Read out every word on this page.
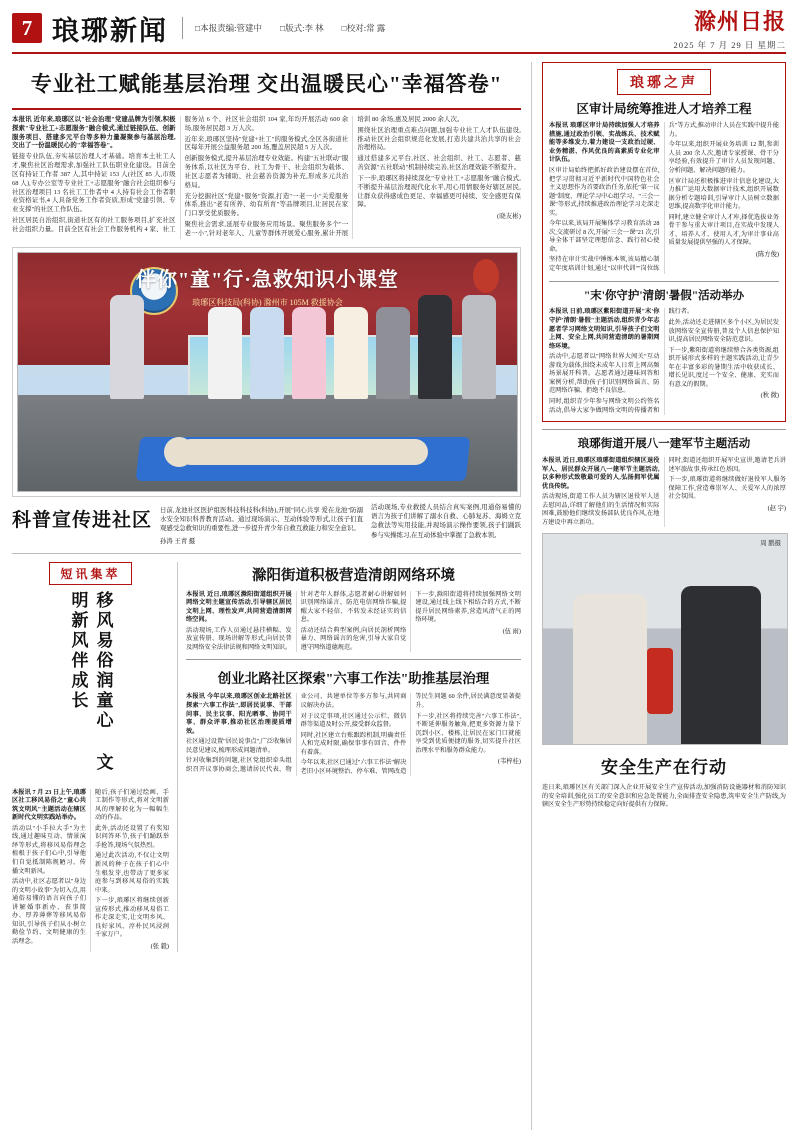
7 琅琊新闻	□本报责编:管建中 □版式:李 林 □校对:常 露	滁州日报
2025 年 7 月 29 日 星期二
专业社工赋能基层治理 交出温暖民心"幸福答卷"

本报讯 近年来,琅琊区以"社会治理"党建品牌为引领,积极探索"专业社工+志愿服务"融合模式,通过链接队伍、创新服务项目、搭建多元平台等多种力量凝聚参与基层治理,交出了一份温暖民心的"幸福答卷"。

链接专业队伍,夯实基层治理人才基础。培育本土社工人才,聚焦社区治理需求,加强社工队伍职业化建设。目前全区有持证工作者 387 人,其中持证 153 人(社区 85 人,市级 68 人),专办公室等专业社工+志愿服务"融合社会组织参与社区治理项目 13 名社工工作者中 4 人持有社会工作者职业资格证书,4 人具备党务工作者资质,形成"党建引领、专业支撑"的社区工作队伍。

社区居民自治组织,街道社区有的社工服务项目,扩充社区社会组织力量。目前全区有社会工作服务机构 4 家、社工服务站 6 个、社区社会组织 104 家,年均开展活动 600 余场,服务居民超 3 万人次。

近年来,琅琊区坚持"党建+社工"的服务模式,全区各街道社区每年开展公益服务超 200 场,覆盖居民超 5 万人次。

创新服务模式,提升基层治理专业效能。构建"五社联动"服务体系,以社区为平台、社工为骨干、社会组织为载体、社区志愿者为辅助、社会慈善资源为补充,形成多元共治格局。

充分挖掘社区"党建+服务"资源,打造"一老一小"关爱服务体系,推出"老有所养、幼有所育"等品牌项目,让居民在家门口享受优质服务。

聚焦社会需求,延展专业服务应用场景。聚焦服务多个"一老一小",针对老年人、儿童等群体开展爱心服务,累计开展培训 80 余场,惠及居民 2000 余人次。

围绕社区治理重点难点问题,加强专业社工人才队伍建设,推动社区社会组织规范化发展,打造共建共治共享的社会治理格局。

通过搭建多元平台,社区、社会组织、社工、志愿者、慈善资源"五社联动"机制持续完善,社区治理效能不断提升。

下一步,琅琊区将持续深化"专业社工+志愿服务"融合模式,不断提升基层治理现代化水平,用心用情服务好辖区居民,让群众获得感成色更足、幸福感更可持续、安全感更有保障。

(晓友彬)
伴你"童"行·急救知识小课堂
琅琊区科技局(科协) 滁州市 105M 救援协会
科普宣传进社区 日前,龙池社区医护组医科技科技科(科协),开展"同心共享 爱在龙池"防溺水安全知识科普教育活动。通过现场演示、互动体验等形式,让孩子们直观感受急救知识的重要性,进一步提升青少年自救互救能力和安全意识。
孙涛 王青 摄
活动现场,专业救援人员结合真实案例,用通俗易懂的语言为孩子们讲解了溺水自救、心肺复苏、海姆立克急救法等实用技能,并现场演示操作要领,孩子们踊跃参与实操练习,在互动体验中掌握了急救本领。
短讯集萃
移风易俗润童心 文明新风伴成长

本报讯 7 月 23 日上午,琅琊区社工移风易俗之"童心共筑文明风"主题活动在辖区新时代文明实践站举办。

活动以"小手拉大手"为主线,通过趣味互动、情景演绎等形式,将移风易俗理念植根于孩子们心中,引导他们自觉抵制陈规陋习、传播文明新风。

活动中,社区志愿者以"身边的文明小故事"为切入点,用通俗易懂的语言向孩子们讲解婚事新办、丧事简办、厚养薄葬等移风易俗知识,引导孩子们从小树立勤俭节约、文明健康的生活理念。

随后,孩子们通过绘画、手工制作等形式,将对文明新风的理解转化为一幅幅生动的作品。

此外,活动还设置了有奖知识问答环节,孩子们踊跃举手抢答,现场气氛热烈。

通过此次活动,不仅让文明新风的种子在孩子们心中生根发芽,也带动了更多家庭参与到移风易俗的实践中来。

下一步,琅琊区将继续创新宣传形式,推动移风易俗工作走深走实,让文明乡风、良好家风、淳朴民风浸润千家万户。

(张 毅)
滁阳街道积极营造清朗网络环境

本报讯 近日,琅琊区滁阳街道组织开展网络文明主题宣传活动,引导辖区居民文明上网、理性发声,共同营造清朗网络空间。

活动现场,工作人员通过悬挂横幅、发放宣传册、现场讲解等形式,向居民普及网络安全法律法规和网络文明知识。

针对老年人群体,志愿者耐心讲解如何识别网络谣言、防范电信网络诈骗,提醒大家不轻信、不转发未经证实的信息。

活动还结合典型案例,向居民剖析网络暴力、网络谣言的危害,引导大家自觉遵守网络道德规范。

下一步,滁阳街道将持续加强网络文明建设,通过线上线下相结合的方式,不断提升居民网络素养,营造风清气正的网络环境。

(伍 雨)
创业北路社区探索"六事工作法"助推基层治理

本报讯 今年以来,琅琊区创业北路社区探索"六事工作法",即居民说事、干部问事、民主议事、阳光晒事、协同干事、群众评事,推动社区治理提质增效。

社区通过设置"居民说事点",广泛收集居民意见建议,梳理形成问题清单。

针对收集到的问题,社区党组织牵头组织召开议事协商会,邀请居民代表、物业公司、共建单位等多方参与,共同商议解决办法。

对于议定事项,社区通过公示栏、微信群等渠道及时公开,接受群众监督。

同时,社区建立台账跟踪机制,明确责任人和完成时限,确保事事有回音、件件有着落。

今年以来,社区已通过"六事工作法"解决老旧小区环境整治、停车难、管网改造等民生问题 60 余件,居民满意度显著提升。

下一步,社区将持续完善"六事工作法",不断延伸服务触角,把更多资源力量下沉到小区、楼栋,让居民在家门口就能享受到优质便捷的服务,切实提升社区治理水平和服务群众能力。

(韦梓桂)
琅琊之声
区审计局统筹推进人才培养工程

本报讯 琅琊区审计局持续加强人才培养措施,通过政治引领、实战练兵、技术赋能等多维发力,着力建设一支政治过硬、业务精湛、作风优良的高素质专业化审计队伍。

区审计局始终把抓好政治建设摆在首位,把学习贯彻习近平新时代中国特色社会主义思想作为首要政治任务,依托"第一议题"制度、理论学习中心组学习、"三会一课"等形式,持续推进政治理论学习走深走实。

今年以来,该局开展集体学习教育活动 28 次,交流研讨 8 次,开展"三会一课"21 次,引导全体干部坚定理想信念、践行初心使命。

坚持在审计实战中锤炼本领,该局精心制定年度培训计划,通过"以审代训""岗位练兵"等方式,推动审计人员在实践中提升能力。

今年以来,组织开展业务培训 12 期,参训人员 200 余人次,邀请专家授课、骨干分享经验,有效提升了审计人员发现问题、分析问题、解决问题的能力。

区审计局还积极推进审计信息化建设,大力推广运用大数据审计技术,组织开展数据分析专题培训,引导审计人员树立数据思维,提高数字化审计能力。

同时,建立健全审计人才库,择优选拔业务骨干参与重大审计项目,在实战中发现人才、培养人才、使用人才,为审计事业高质量发展提供坚强的人才保障。

(陈方俊)
"末'你守护'清朗'暑假"活动举办

本报讯 日前,琅琊区紫阳街道开展"末'你守护'清朗'暑假"主题活动,组织青少年志愿者学习网络文明知识,引导孩子们文明上网、安全上网,共同营造清朗的暑期网络环境。

活动中,志愿者以"网络世界大闯关"互动游戏为载体,围绕未成年人日常上网高频场景展开科普。志愿者通过趣味问答和案例分析,帮助孩子们识别网络谣言、防范网络诈骗、拒绝不良信息。

同时,组织青少年参与网络文明公约签名活动,倡导大家争做网络文明的传播者和践行者。

此外,活动还走进辖区多个小区,为居民发放网络安全宣传册,普及个人信息保护知识,提高居民网络安全防范意识。

下一步,紫阳街道将继续整合各类资源,组织开展形式多样的主题实践活动,让青少年在丰富多彩的暑期生活中收获成长、增长见识,度过一个安全、健康、充实而有意义的假期。

(秋 微)
琅琊街道开展八一建军节主题活动

本报讯 近日,琅琊区琅琊街道组织辖区退役军人、居民群众开展八一建军节主题活动,以多种形式致敬最可爱的人,弘扬拥军优属优良传统。

活动现场,街道工作人员为辖区退役军人送去慰问品,详细了解他们的生活情况和实际困难,鼓励他们继续发扬部队优良作风,在地方建设中再立新功。

同时,街道还组织开展军史宣讲,邀请老兵讲述军旅故事,传承红色基因。

下一步,琅琊街道将继续做好退役军人服务保障工作,营造尊崇军人、关爱军人的浓厚社会氛围。

(赵 宇)
周 鹏摄
安全生产在行动
连日来,琅琊区区有关部门深入企业开展安全生产宣传活动,加强消防设施器材和消防知识的安全培训,强化员工的安全意识和应急处置能力,全面排查安全隐患,筑牢安全生产防线,为辖区安全生产形势持续稳定向好提供有力保障。
